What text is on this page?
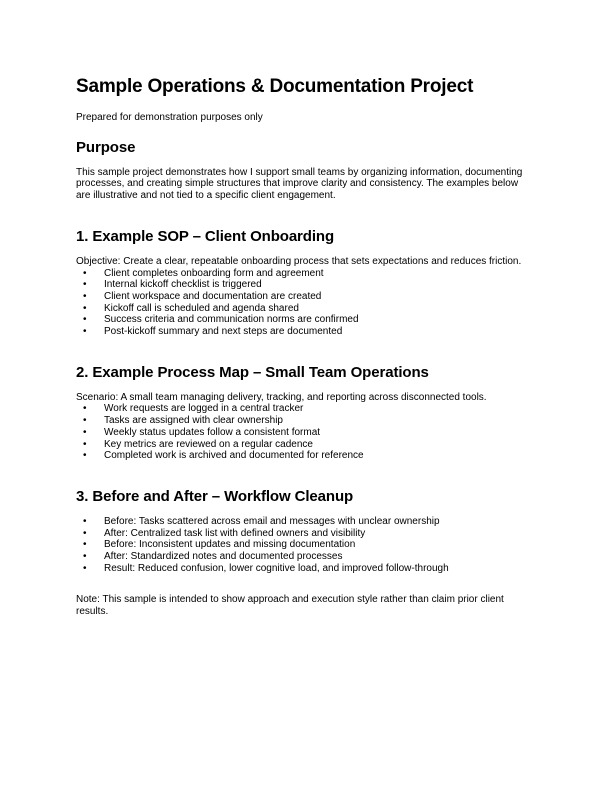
Sample Operations & Documentation Project
Prepared for demonstration purposes only
Purpose
This sample project demonstrates how I support small teams by organizing information, documenting
processes, and creating simple structures that improve clarity and consistency. The examples below
are illustrative and not tied to a specific client engagement.
1. Example SOP – Client Onboarding
Objective: Create a clear, repeatable onboarding process that sets expectations and reduces friction.
•
Client completes onboarding form and agreement
•
Internal kickoff checklist is triggered
•
Client workspace and documentation are created
•
Kickoff call is scheduled and agenda shared
•
Success criteria and communication norms are confirmed
•
Post-kickoff summary and next steps are documented
2. Example Process Map – Small Team Operations
Scenario: A small team managing delivery, tracking, and reporting across disconnected tools.
•
Work requests are logged in a central tracker
•
Tasks are assigned with clear ownership
•
Weekly status updates follow a consistent format
•
Key metrics are reviewed on a regular cadence
•
Completed work is archived and documented for reference
3. Before and After – Workflow Cleanup
•
Before: Tasks scattered across email and messages with unclear ownership
•
After: Centralized task list with defined owners and visibility
•
Before: Inconsistent updates and missing documentation
•
After: Standardized notes and documented processes
•
Result: Reduced confusion, lower cognitive load, and improved follow-through
Note: This sample is intended to show approach and execution style rather than claim prior client
results.
